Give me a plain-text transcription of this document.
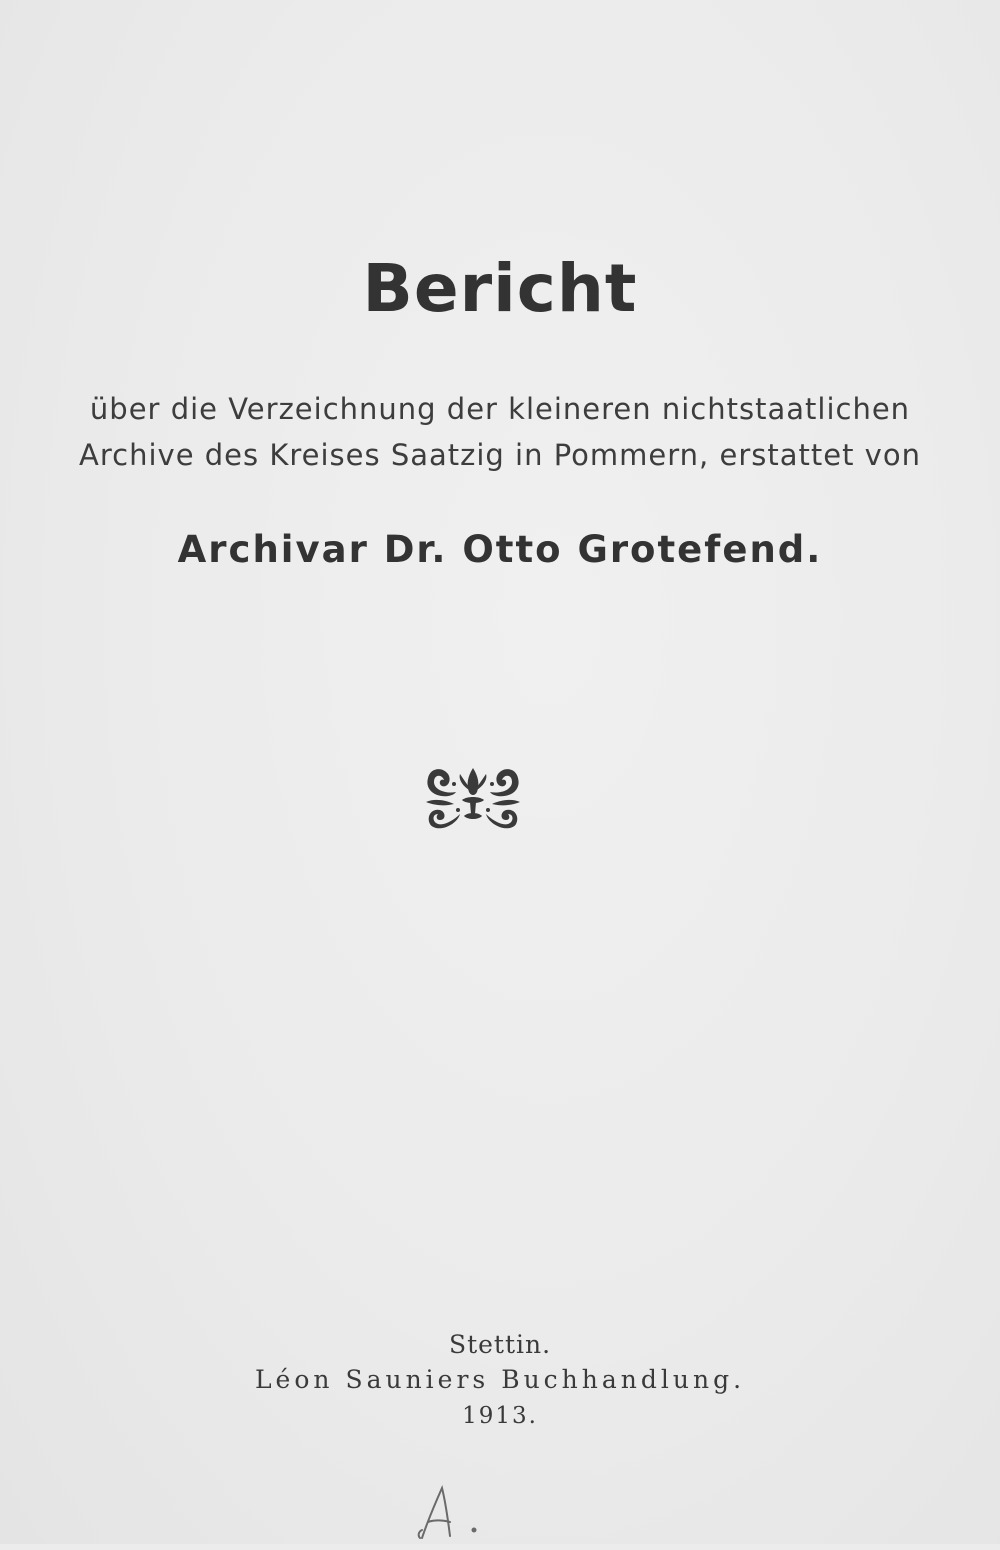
Bericht
über die Verzeichnung der kleineren nichtstaatlichen
Archive des Kreises Saatzig in Pommern, erstattet von
Archivar Dr. Otto Grotefend.
Stettin.
Léon Sauniers Buchhandlung.
1913.
